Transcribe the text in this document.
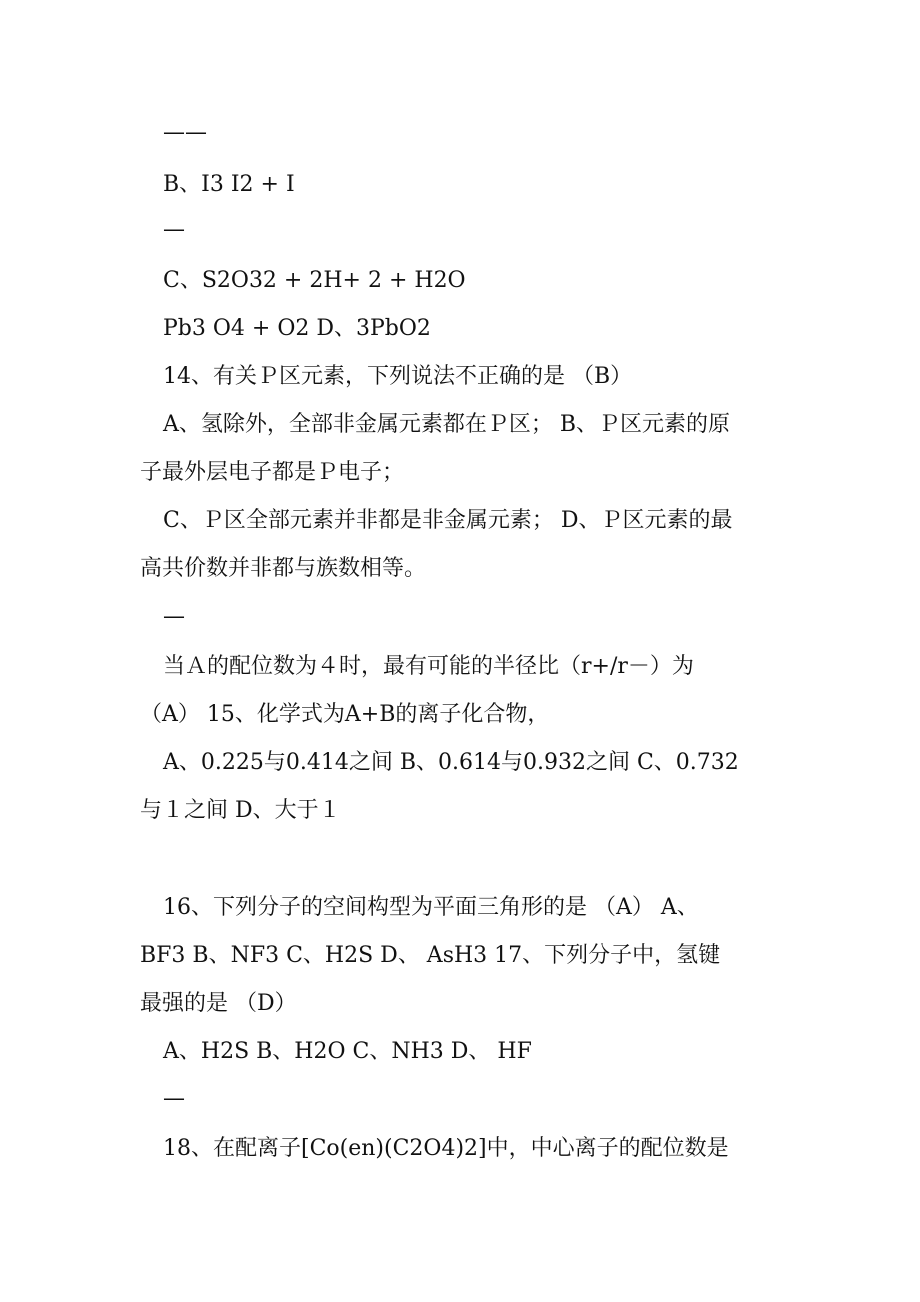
——
B、I3 I2 + I
—
C、S2O32 + 2H+ 2 + H2O
Pb3 O4 + O2 D、3PbO2
14、有关Ｐ区元素，下列说法不正确的是 （B）
A、氢除外，全部非金属元素都在Ｐ区； B、Ｐ区元素的原
子最外层电子都是Ｐ电子；
C、Ｐ区全部元素并非都是非金属元素； D、Ｐ区元素的最
高共价数并非都与族数相等。
—
当Ａ的配位数为４时，最有可能的半径比（r+/r－）为
（A） 15、化学式为A+B的离子化合物，
A、0.225与0.414之间 B、0.614与0.932之间 C、0.732
与１之间 D、大于１
16、下列分子的空间构型为平面三角形的是 （A） A、
BF3 B、NF3 C、H2S D、 AsH3 17、下列分子中，氢键
最强的是 （D）
A、H2S B、H2O C、NH3 D、 HF
—
18、在配离子[Co(en)(C2O4)2]中，中心离子的配位数是
